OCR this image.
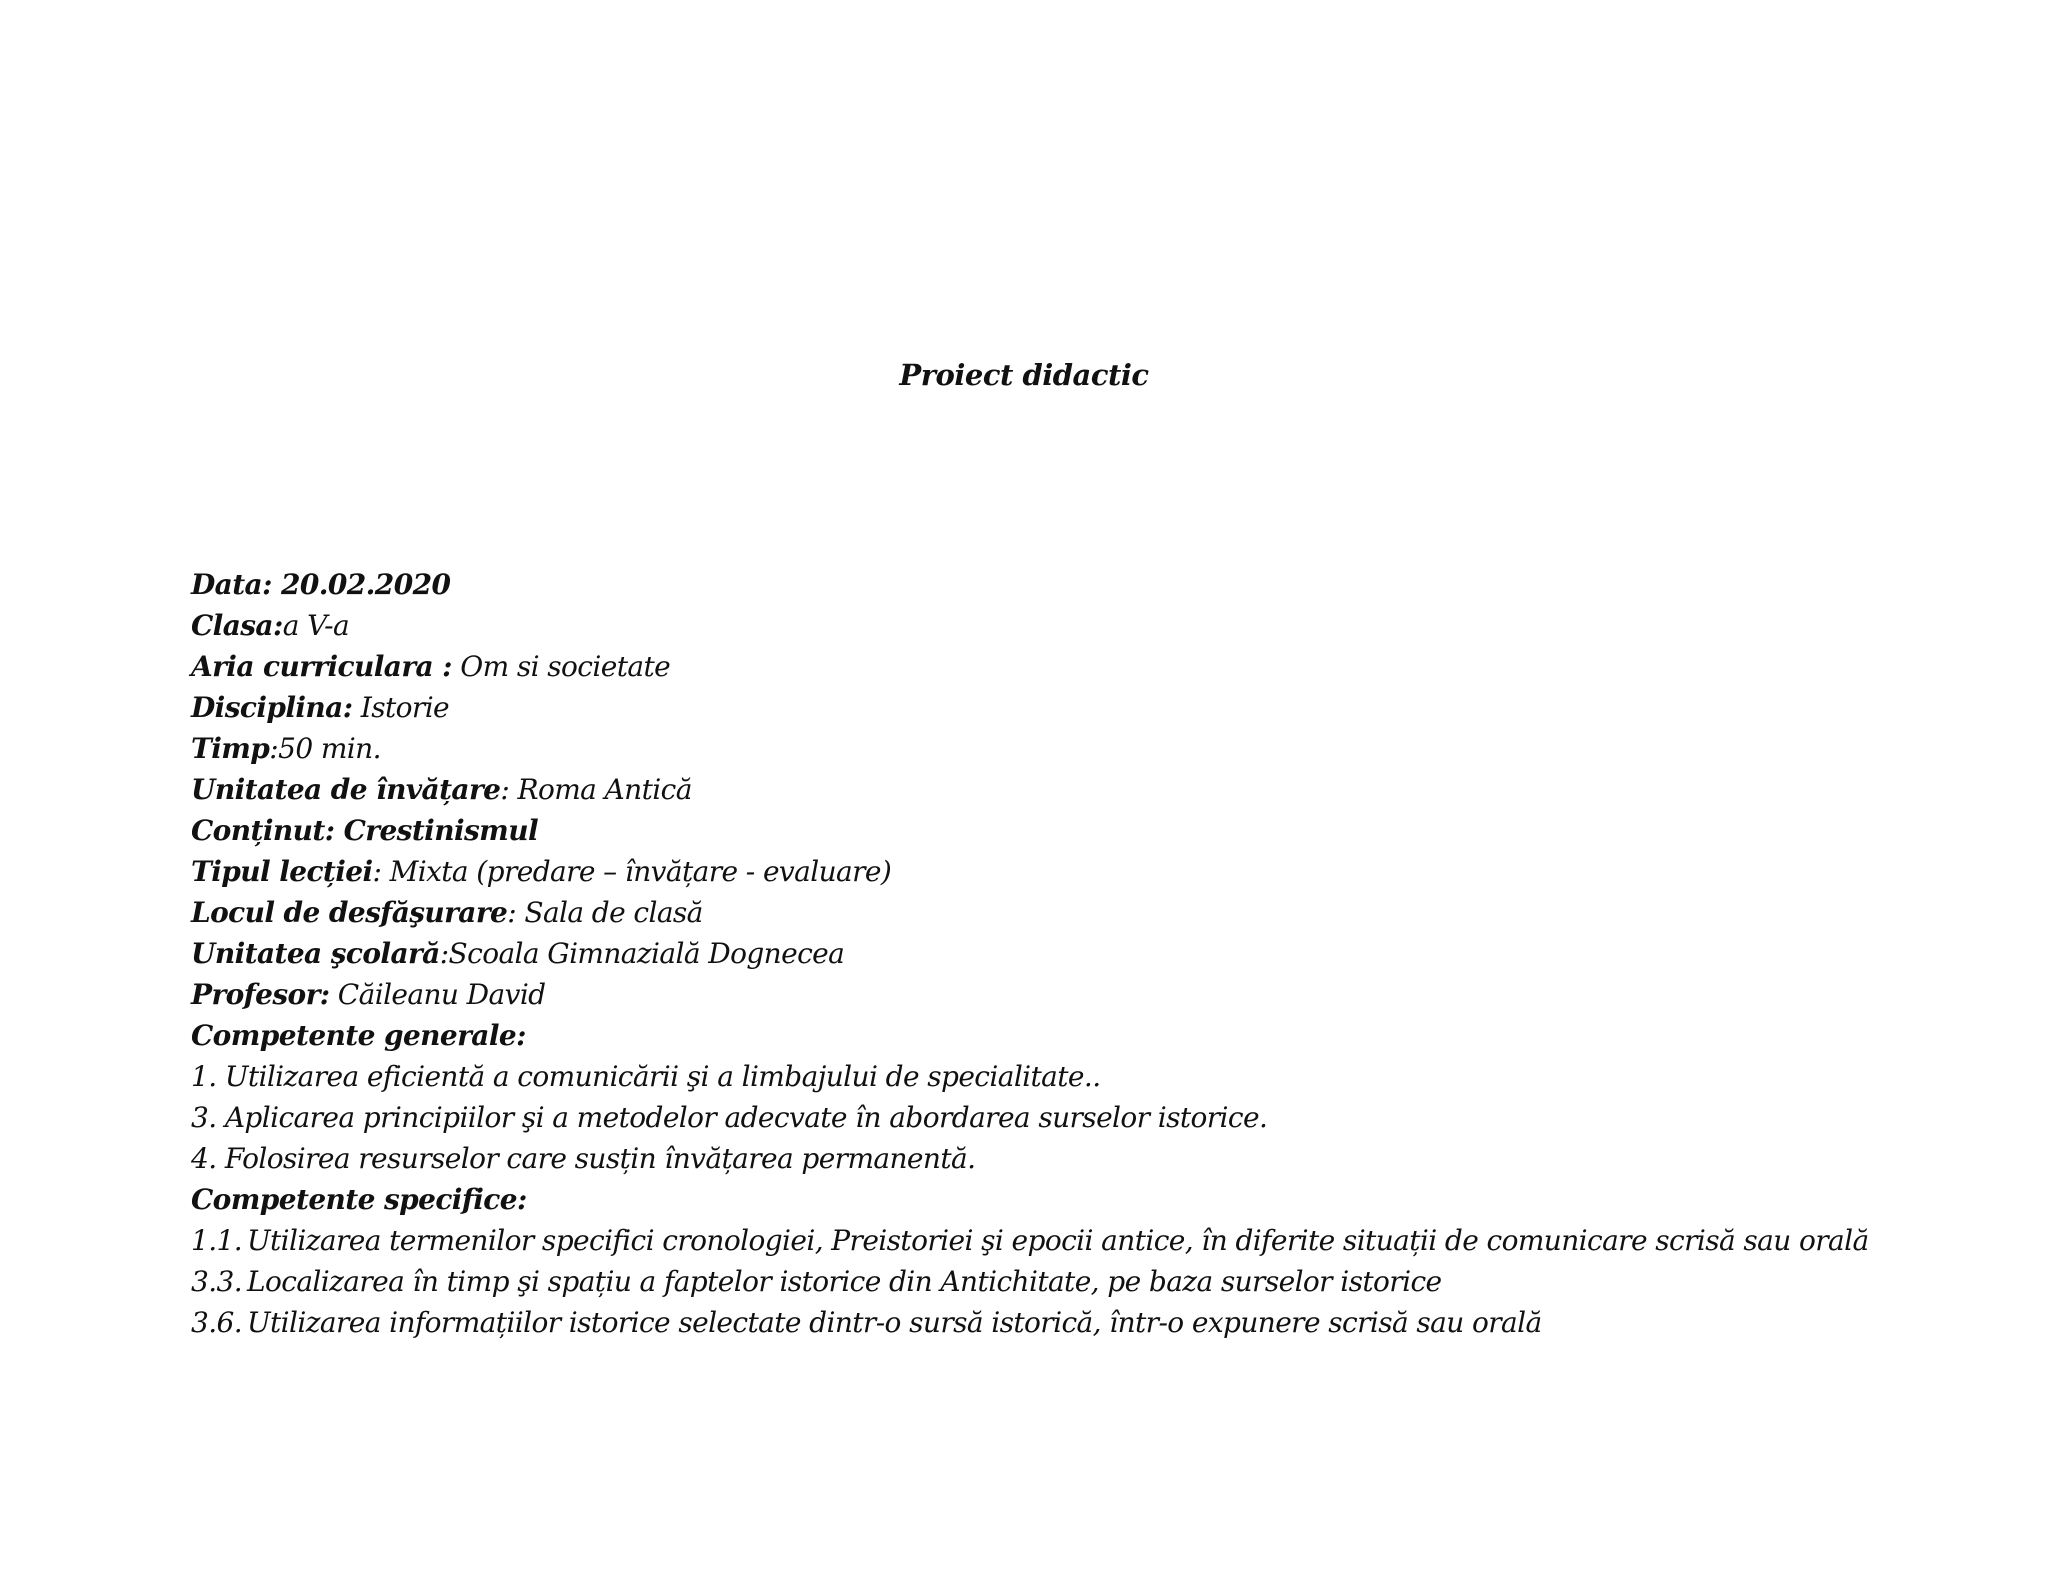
Proiect didactic
Data: 20.02.2020
Clasa:a V-a
Aria curriculara : Om si societate
Disciplina: Istorie
Timp:50 min.
Unitatea de învățare: Roma Antică
Conținut: Crestinismul
Tipul lecției: Mixta (predare – învățare - evaluare)
Locul de desfăşurare: Sala de clasă
Unitatea şcolară:Scoala Gimnazială Dognecea
Profesor: Căileanu David
Competente generale:
1. Utilizarea eficientă a comunicării şi a limbajului de specialitate..
3. Aplicarea principiilor şi a metodelor adecvate în abordarea surselor istorice.
4. Folosirea resurselor care susțin învățarea permanentă.
Competente specifice:
1.1. Utilizarea termenilor specifici cronologiei, Preistoriei şi epocii antice, în diferite situații de comunicare scrisă sau orală
3.3. Localizarea în timp şi spațiu a faptelor istorice din Antichitate, pe baza surselor istorice
3.6. Utilizarea informațiilor istorice selectate dintr-o sursă istorică, într-o expunere scrisă sau orală
